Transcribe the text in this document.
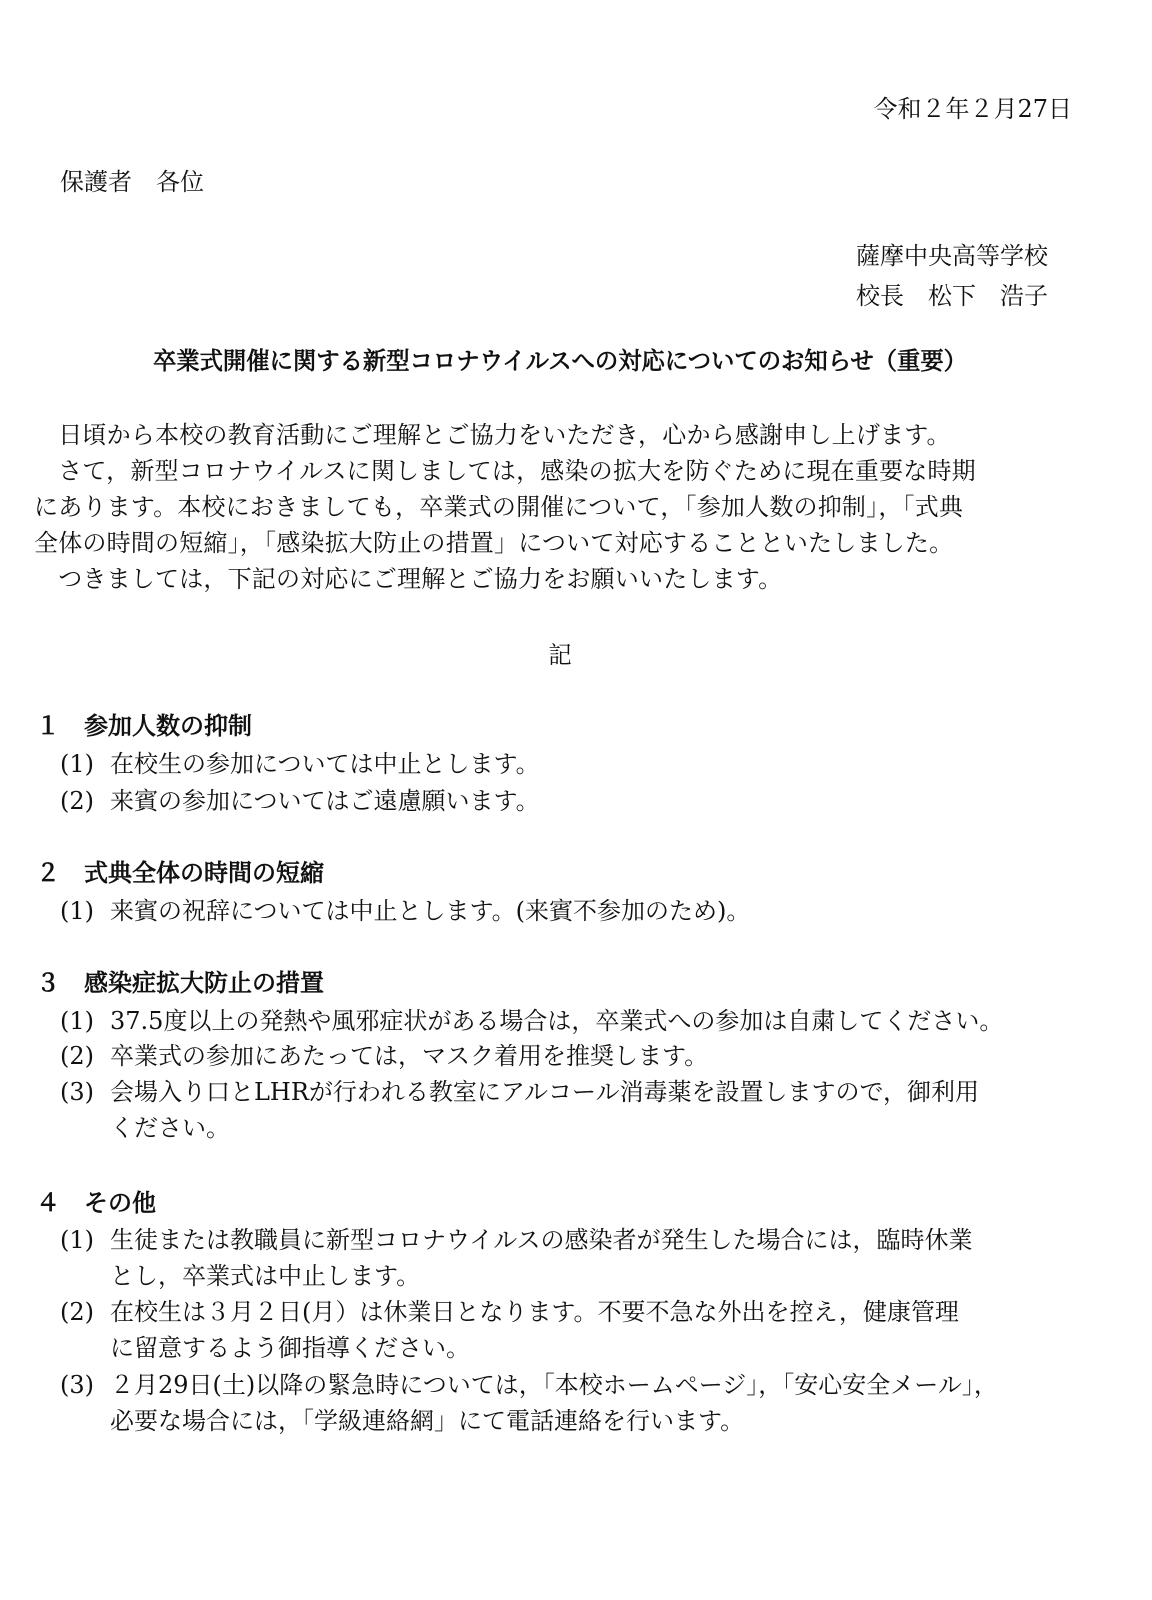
令和２年２月27日
保護者　各位
薩摩中央高等学校
校長　松下　浩子
卒業式開催に関する新型コロナウイルスへの対応についてのお知らせ（重要）
　日頃から本校の教育活動にご理解とご協力をいただき，心から感謝申し上げます。
　さて，新型コロナウイルスに関しましては，感染の拡大を防ぐために現在重要な時期
にあります。本校におきましても，卒業式の開催について，「参加人数の抑制」，「式典
全体の時間の短縮」，「感染拡大防止の措置」について対応することといたしました。
　つきましては，下記の対応にご理解とご協力をお願いいたします。
記
１ 参加人数の抑制
(1) 在校生の参加については中止とします。
(2) 来賓の参加についてはご遠慮願います。
２ 式典全体の時間の短縮
(1) 来賓の祝辞については中止とします。(来賓不参加のため)。
３ 感染症拡大防止の措置
(1) 37.5度以上の発熱や風邪症状がある場合は，卒業式への参加は自粛してください。
(2) 卒業式の参加にあたっては，マスク着用を推奨します。
(3) 会場入り口とLHRが行われる教室にアルコール消毒薬を設置しますので，御利用
ください。
４ その他
(1) 生徒または教職員に新型コロナウイルスの感染者が発生した場合には，臨時休業
とし，卒業式は中止します。
(2) 在校生は３月２日(月）は休業日となります。不要不急な外出を控え，健康管理
に留意するよう御指導ください。
(3) ２月29日(土)以降の緊急時については，「本校ホームページ」，「安心安全メール」，
必要な場合には，「学級連絡網」にて電話連絡を行います。
